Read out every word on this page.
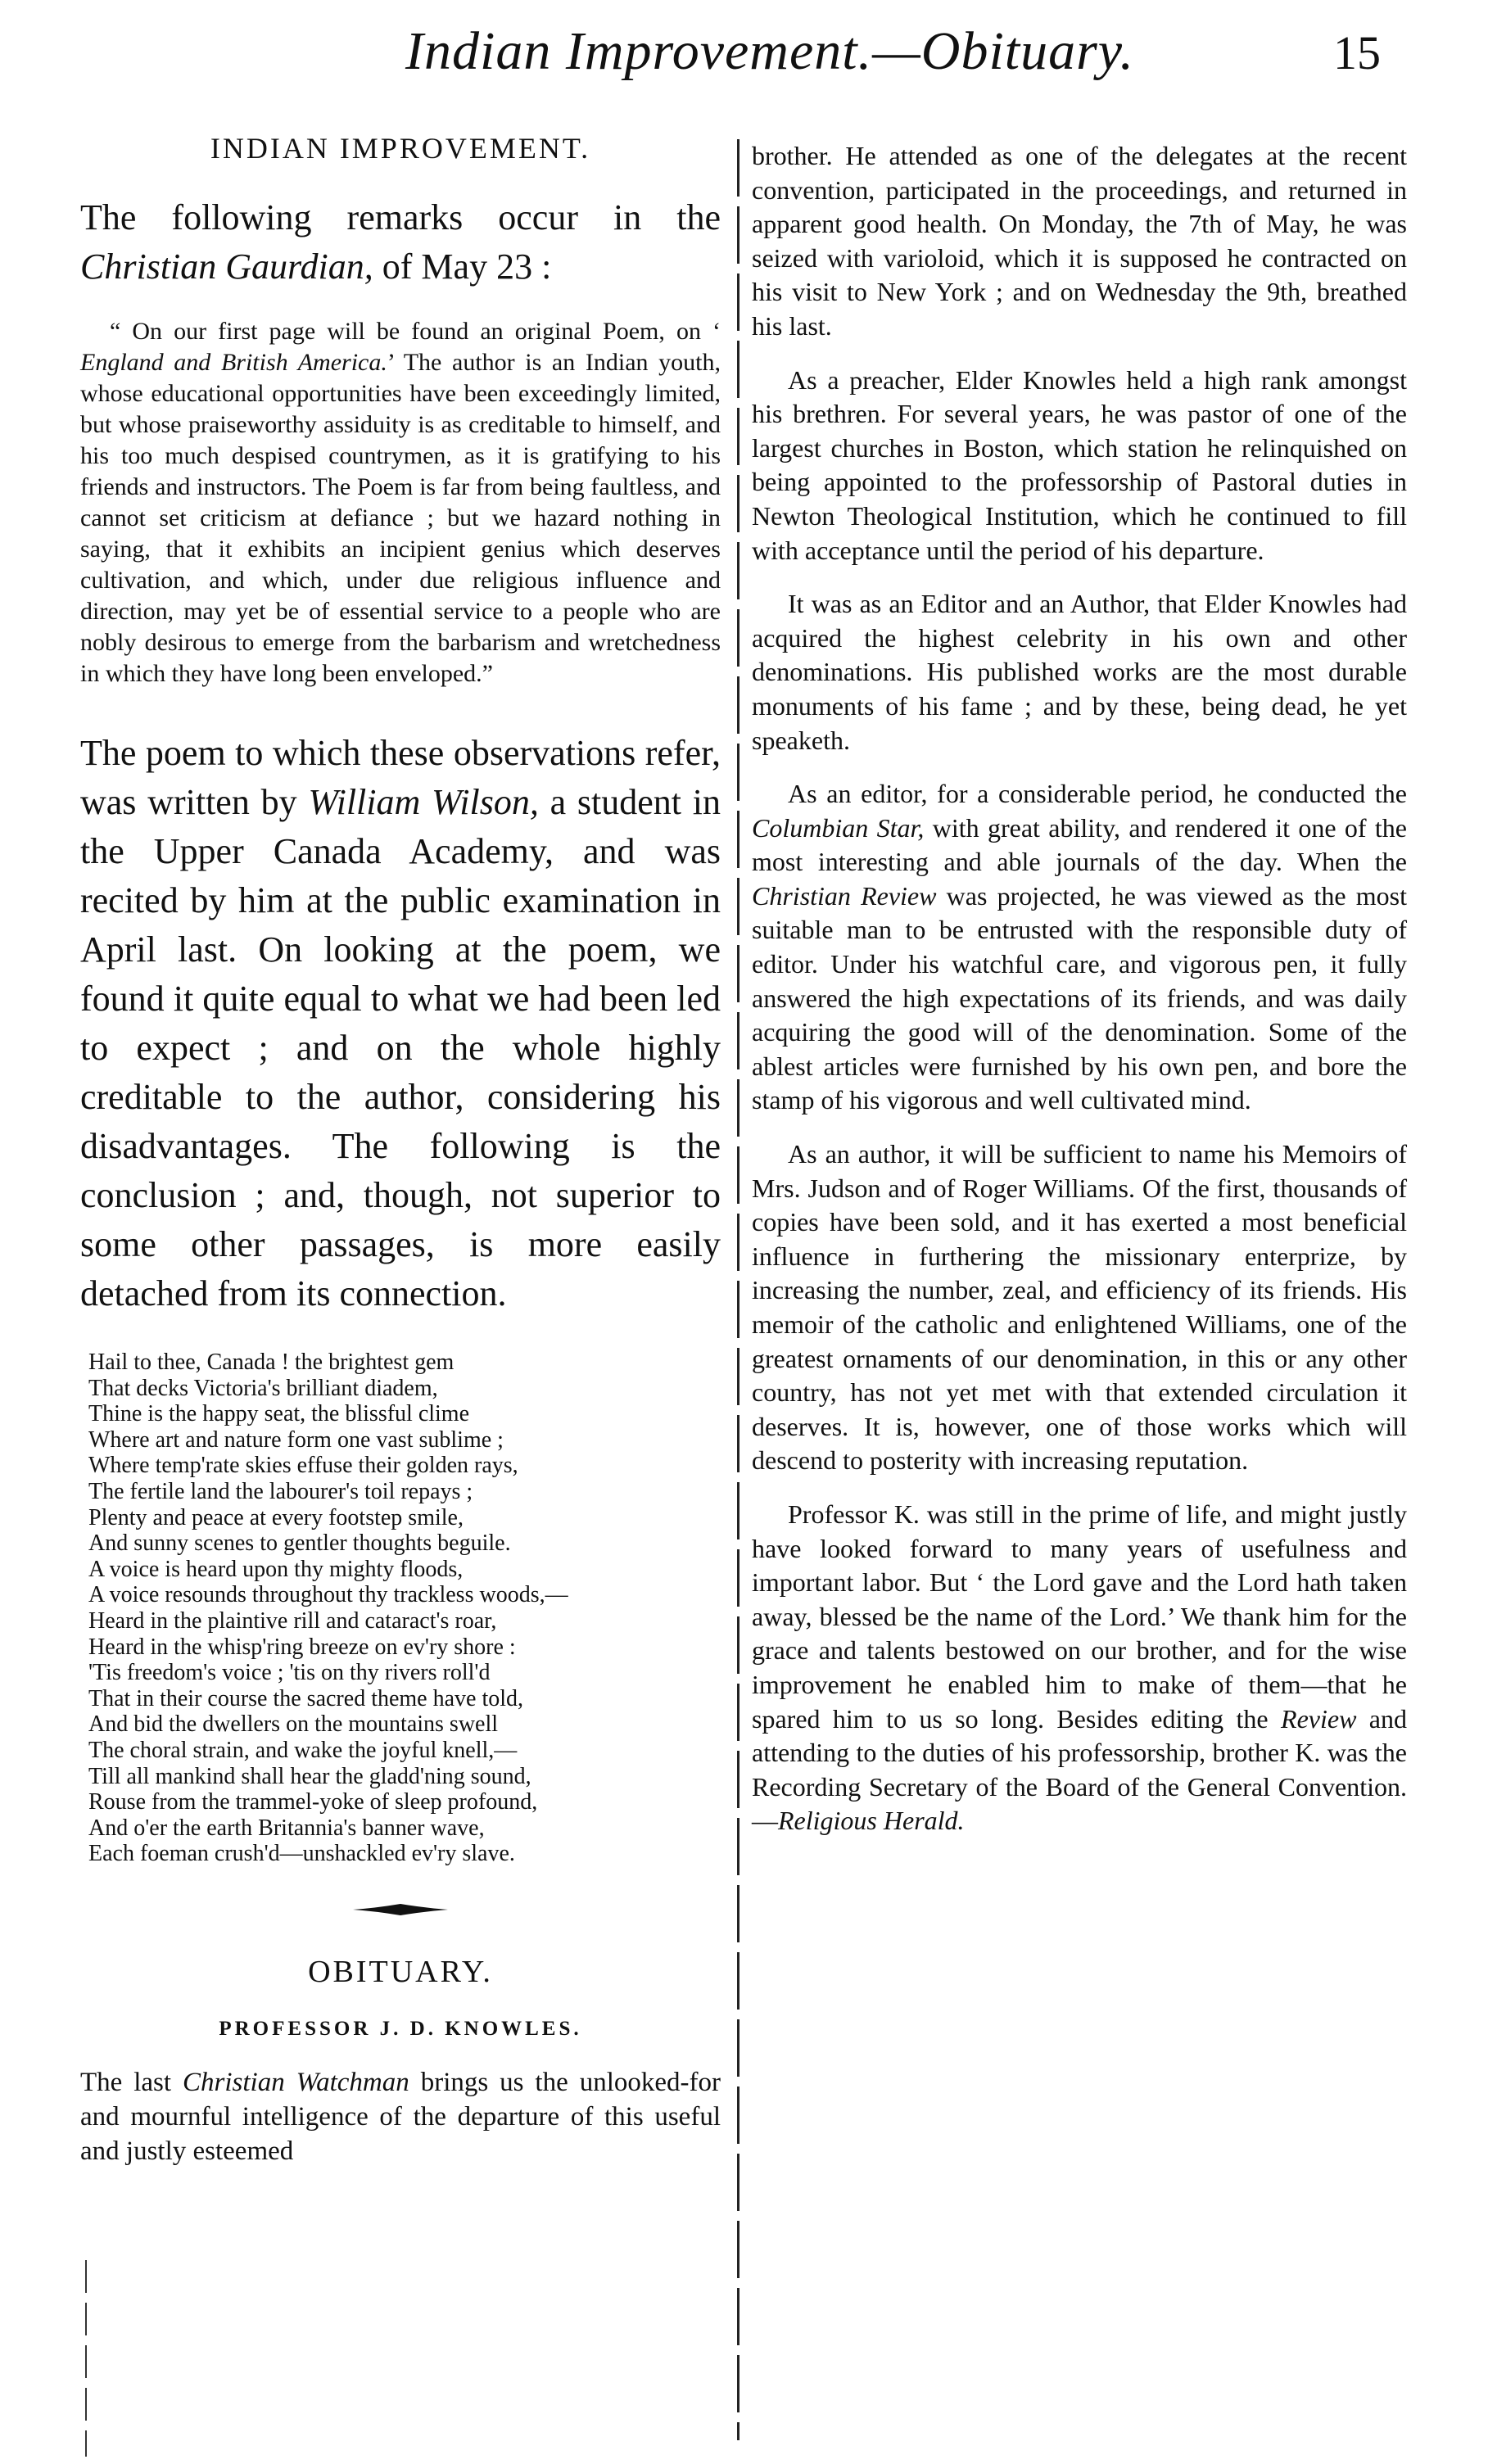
Indian Improvement.—Obituary.	15

INDIAN IMPROVEMENT.

The following remarks occur in the Christian Gaurdian, of May 23 :

“ On our first page will be found an original Poem, on ‘ England and British America.’ The author is an Indian youth, whose educational opportunities have been exceedingly limited, but whose praiseworthy assiduity is as creditable to himself, and his too much despised countrymen, as it is gratifying to his friends and instructors. The Poem is far from being faultless, and cannot set criticism at defiance ; but we hazard nothing in saying, that it exhibits an incipient genius which deserves cultivation, and which, under due religious influence and direction, may yet be of essential service to a people who are nobly desirous to emerge from the barbarism and wretchedness in which they have long been enveloped.”

The poem to which these observations refer, was written by William Wilson, a student in the Upper Canada Academy, and was recited by him at the public examination in April last. On looking at the poem, we found it quite equal to what we had been led to expect ; and on the whole highly creditable to the author, considering his disadvantages. The following is the conclusion ; and, though, not superior to some other passages, is more easily detached from its connection.

Hail to thee, Canada ! the brightest gem
That decks Victoria's brilliant diadem,
Thine is the happy seat, the blissful clime
Where art and nature form one vast sublime ;
Where temp'rate skies effuse their golden rays,
The fertile land the labourer's toil repays ;
Plenty and peace at every footstep smile,
And sunny scenes to gentler thoughts beguile.
A voice is heard upon thy mighty floods,
A voice resounds throughout thy trackless woods,—
Heard in the plaintive rill and cataract's roar,
Heard in the whisp'ring breeze on ev'ry shore :
'Tis freedom's voice ; 'tis on thy rivers roll'd
That in their course the sacred theme have told,
And bid the dwellers on the mountains swell
The choral strain, and wake the joyful knell,—
Till all mankind shall hear the gladd'ning sound,
Rouse from the trammel-yoke of sleep profound,
And o'er the earth Britannia's banner wave,
Each foeman crush'd—unshackled ev'ry slave.

OBITUARY.

PROFESSOR J. D. KNOWLES.

The last Christian Watchman brings us the unlooked-for and mournful intelligence of the departure of this useful and justly esteemed

brother. He attended as one of the delegates at the recent convention, participated in the proceedings, and returned in apparent good health. On Monday, the 7th of May, he was seized with varioloid, which it is supposed he contracted on his visit to New York ; and on Wednesday the 9th, breathed his last.

As a preacher, Elder Knowles held a high rank amongst his brethren. For several years, he was pastor of one of the largest churches in Boston, which station he relinquished on being appointed to the professorship of Pastoral duties in Newton Theological Institution, which he continued to fill with acceptance until the period of his departure.

It was as an Editor and an Author, that Elder Knowles had acquired the highest celebrity in his own and other denominations. His published works are the most durable monuments of his fame ; and by these, being dead, he yet speaketh.

As an editor, for a considerable period, he conducted the Columbian Star, with great ability, and rendered it one of the most interesting and able journals of the day. When the Christian Review was projected, he was viewed as the most suitable man to be entrusted with the responsible duty of editor. Under his watchful care, and vigorous pen, it fully answered the high expectations of its friends, and was daily acquiring the good will of the denomination. Some of the ablest articles were furnished by his own pen, and bore the stamp of his vigorous and well cultivated mind.

As an author, it will be sufficient to name his Memoirs of Mrs. Judson and of Roger Williams. Of the first, thousands of copies have been sold, and it has exerted a most beneficial influence in furthering the missionary enterprize, by increasing the number, zeal, and efficiency of its friends. His memoir of the catholic and enlightened Williams, one of the greatest ornaments of our denomination, in this or any other country, has not yet met with that extended circulation it deserves. It is, however, one of those works which will descend to posterity with increasing reputation.

Professor K. was still in the prime of life, and might justly have looked forward to many years of usefulness and important labor. But ‘ the Lord gave and the Lord hath taken away, blessed be the name of the Lord.’ We thank him for the grace and talents bestowed on our brother, and for the wise improvement he enabled him to make of them—that he spared him to us so long. Besides editing the Review and attending to the duties of his professorship, brother K. was the Recording Secretary of the Board of the General Convention.—Religious Herald.
